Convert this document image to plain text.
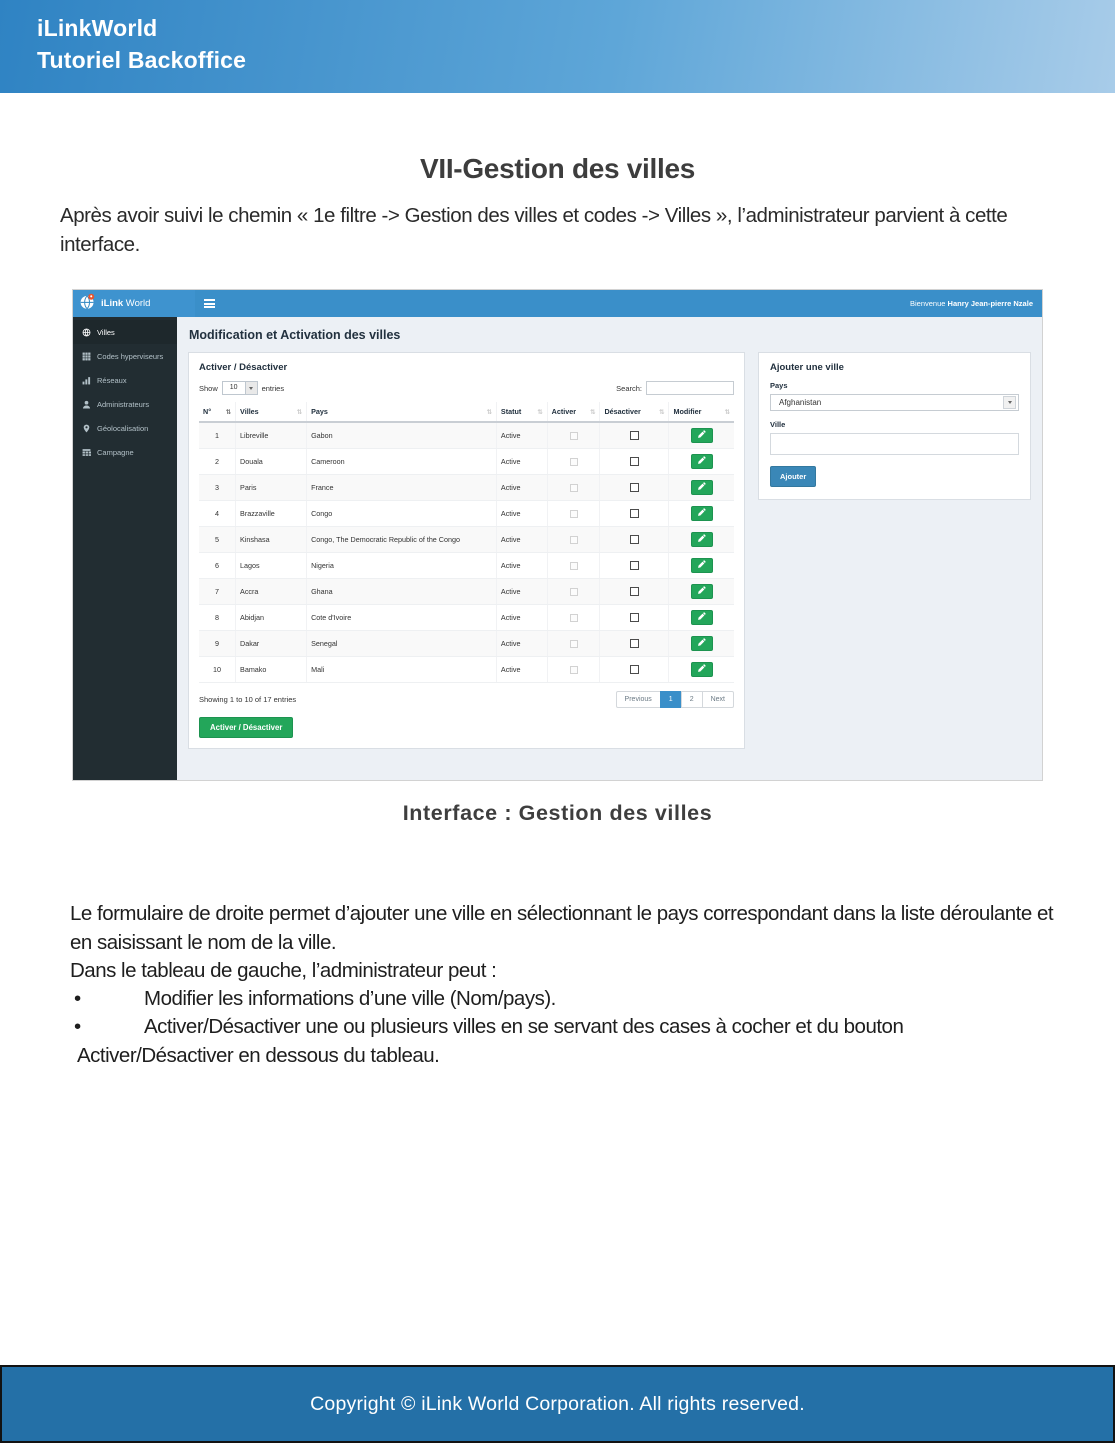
iLinkWorld
Tutoriel Backoffice
VII-Gestion des villes

Après avoir suivi le chemin « 1e filtre -> Gestion des villes et codes -> Villes », l’administrateur parvient à cette interface.

iLink World	Bienvenue Hanry Jean-pierre Nzale
Villes
Codes hyperviseurs
Réseaux
Administrateurs
Géolocalisation
Campagne
Modification et Activation des villes
Activer / Désactiver
Show	10	entries	Search:
N° ⇅	Villes ⇅	Pays ⇅	Statut ⇅	Activer ⇅	Désactiver ⇅	Modifier ⇅

1	Libreville	Gabon	Active			

2	Douala	Cameroon	Active			

3	Paris	France	Active			

4	Brazzaville	Congo	Active			

5	Kinshasa	Congo, The Democratic Republic of the Congo	Active			

6	Lagos	Nigeria	Active			

7	Accra	Ghana	Active			

8	Abidjan	Cote d'Ivoire	Active			

9	Dakar	Senegal	Active			

10	Bamako	Mali	Active			
Showing 1 to 10 of 17 entries	Previous	1	2	Next
Activer / Désactiver
Ajouter une ville
Pays
Afghanistan
Ville
Ajouter
Interface : Gestion des villes

Le formulaire de droite permet d’ajouter une ville en sélectionnant le pays correspondant dans la liste déroulante et en saisissant le nom de la ville.

Dans le tableau de gauche, l’administrateur peut :

•	Modifier les informations d’une ville (Nom/pays).

•	Activer/Désactiver une ou plusieurs villes en se servant des cases à cocher et du bouton

Activer/Désactiver en dessous du tableau.

Copyright © iLink World Corporation. All rights reserved.
